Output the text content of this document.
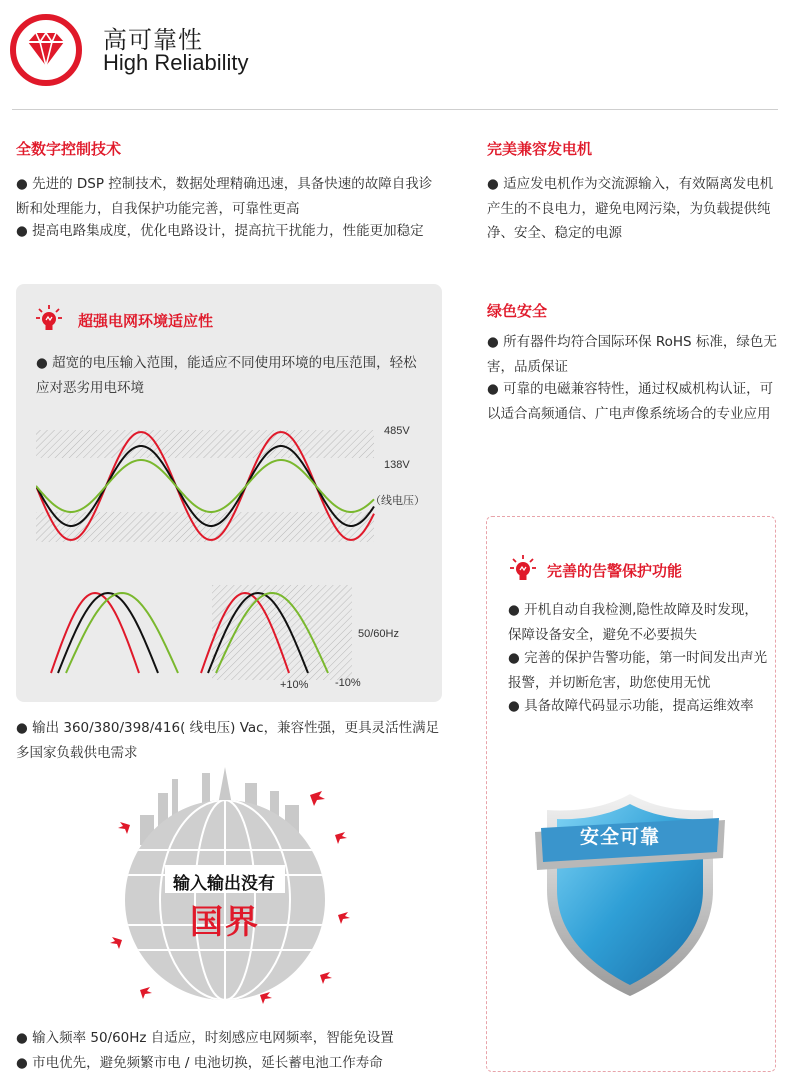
高可靠性
High Reliability
全数字控制技术
● 先进的 DSP 控制技术，数据处理精确迅速，具备快速的故障自我诊断和处理能力，自我保护功能完善，可靠性更高
● 提高电路集成度，优化电路设计，提高抗干扰能力，性能更加稳定
完美兼容发电机
● 适应发电机作为交流源输入，有效隔离发电机产生的不良电力，避免电网污染，为负载提供纯净、安全、稳定的电源
超强电网环境适应性
● 超宽的电压输入范围，能适应不同使用环境的电压范围，轻松应对恶劣用电环境
485V
138V
（线电压）
50/60Hz
+10% -10%
● 输出 360/380/398/416( 线电压) Vac，兼容性强，更具灵活性满足多国家负载供电需求
输入输出没有
国界
● 输入频率 50/60Hz 自适应，时刻感应电网频率，智能免设置
● 市电优先，避免频繁市电 / 电池切换，延长蓄电池工作寿命
绿色安全
● 所有器件均符合国际环保 RoHS 标准，绿色无害，品质保证
● 可靠的电磁兼容特性，通过权威机构认证，可以适合高频通信、广电声像系统场合的专业应用
完善的告警保护功能
● 开机自动自我检测,隐性故障及时发现，保障设备安全，避免不必要损失
● 完善的保护告警功能，第一时间发出声光报警，并切断危害，助您使用无忧
● 具备故障代码显示功能，提高运维效率
安全可靠
